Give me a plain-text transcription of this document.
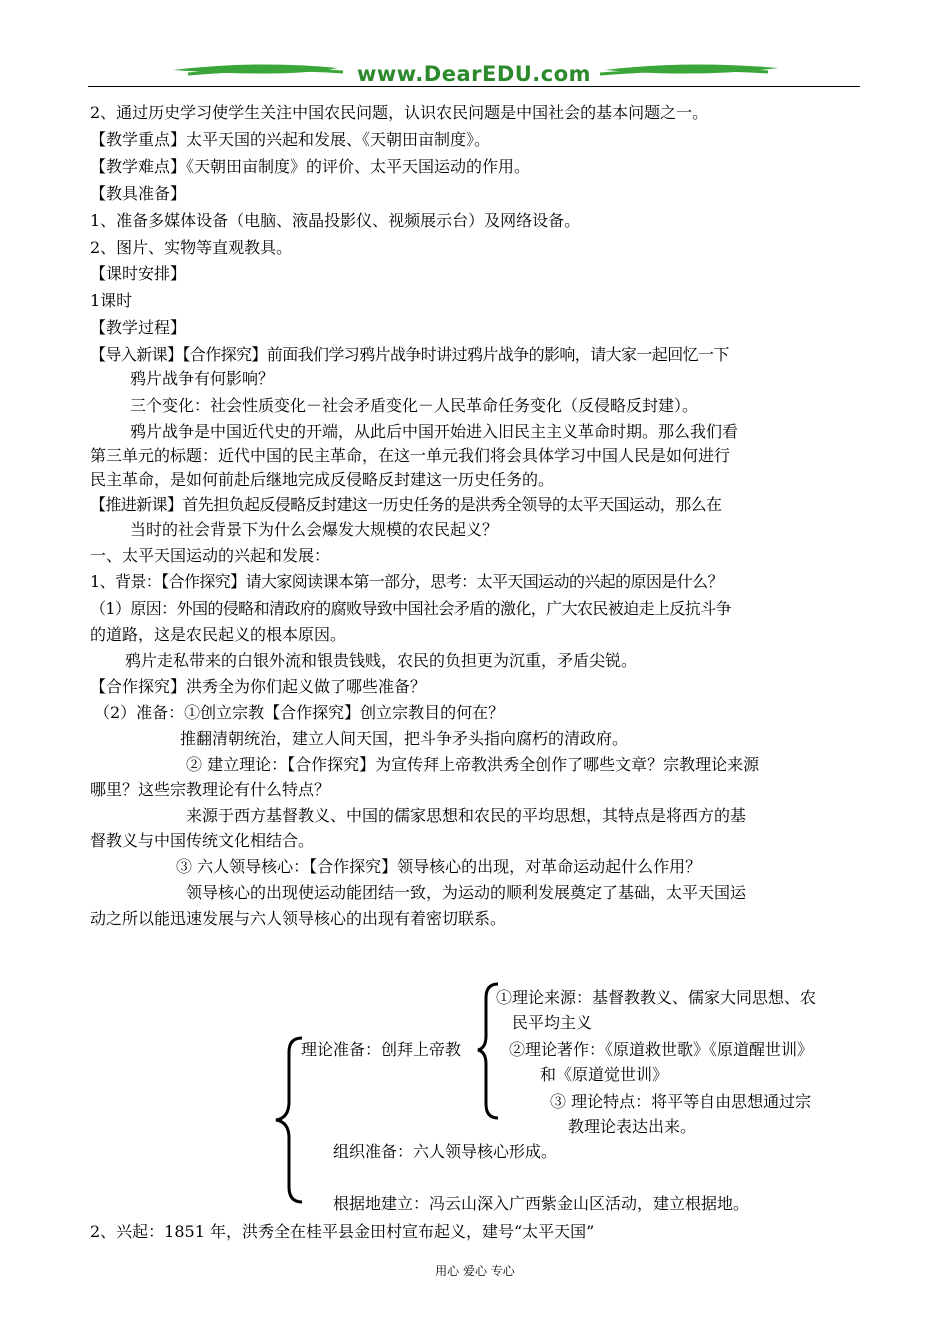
www.DearEDU.com
2、通过历史学习使学生关注中国农民问题，认识农民问题是中国社会的基本问题之一。
【教学重点】太平天国的兴起和发展、《天朝田亩制度》。
【教学难点】《天朝田亩制度》的评价、太平天国运动的作用。
【教具准备】
1、准备多媒体设备（电脑、液晶投影仪、视频展示台）及网络设备。
2、图片、实物等直观教具。
【课时安排】
1课时
【教学过程】
【导入新课】【合作探究】前面我们学习鸦片战争时讲过鸦片战争的影响，请大家一起回忆一下
鸦片战争有何影响？
三个变化：社会性质变化－社会矛盾变化－人民革命任务变化（反侵略反封建）。
鸦片战争是中国近代史的开端，从此后中国开始进入旧民主主义革命时期。那么我们看
第三单元的标题：近代中国的民主革命，在这一单元我们将会具体学习中国人民是如何进行
民主革命，是如何前赴后继地完成反侵略反封建这一历史任务的。
【推进新课】首先担负起反侵略反封建这一历史任务的是洪秀全领导的太平天国运动，那么在
当时的社会背景下为什么会爆发大规模的农民起义？
一、太平天国运动的兴起和发展：
1、背景：【合作探究】请大家阅读课本第一部分，思考：太平天国运动的兴起的原因是什么？
（1）原因：外国的侵略和清政府的腐败导致中国社会矛盾的激化，广大农民被迫走上反抗斗争
的道路，这是农民起义的根本原因。
鸦片走私带来的白银外流和银贵钱贱，农民的负担更为沉重，矛盾尖锐。
【合作探究】洪秀全为你们起义做了哪些准备？
（2）准备：①创立宗教【合作探究】创立宗教目的何在？
推翻清朝统治，建立人间天国，把斗争矛头指向腐朽的清政府。
② 建立理论：【合作探究】为宣传拜上帝教洪秀全创作了哪些文章？宗教理论来源
哪里？这些宗教理论有什么特点？
来源于西方基督教义、中国的儒家思想和农民的平均思想，其特点是将西方的基
督教义与中国传统文化相结合。
③ 六人领导核心：【合作探究】领导核心的出现，对革命运动起什么作用？
领导核心的出现使运动能团结一致，为运动的顺利发展奠定了基础，太平天国运
动之所以能迅速发展与六人领导核心的出现有着密切联系。
理论准备：创拜上帝教
①理论来源：基督教教义、儒家大同思想、农
民平均主义
②理论著作：《原道救世歌》《原道醒世训》
和《原道觉世训》
③ 理论特点：将平等自由思想通过宗
教理论表达出来。
组织准备：六人领导核心形成。
根据地建立：冯云山深入广西紫金山区活动，建立根据地。
2、兴起：1851 年，洪秀全在桂平县金田村宣布起义，建号“太平天国”
用心 爱心 专心
